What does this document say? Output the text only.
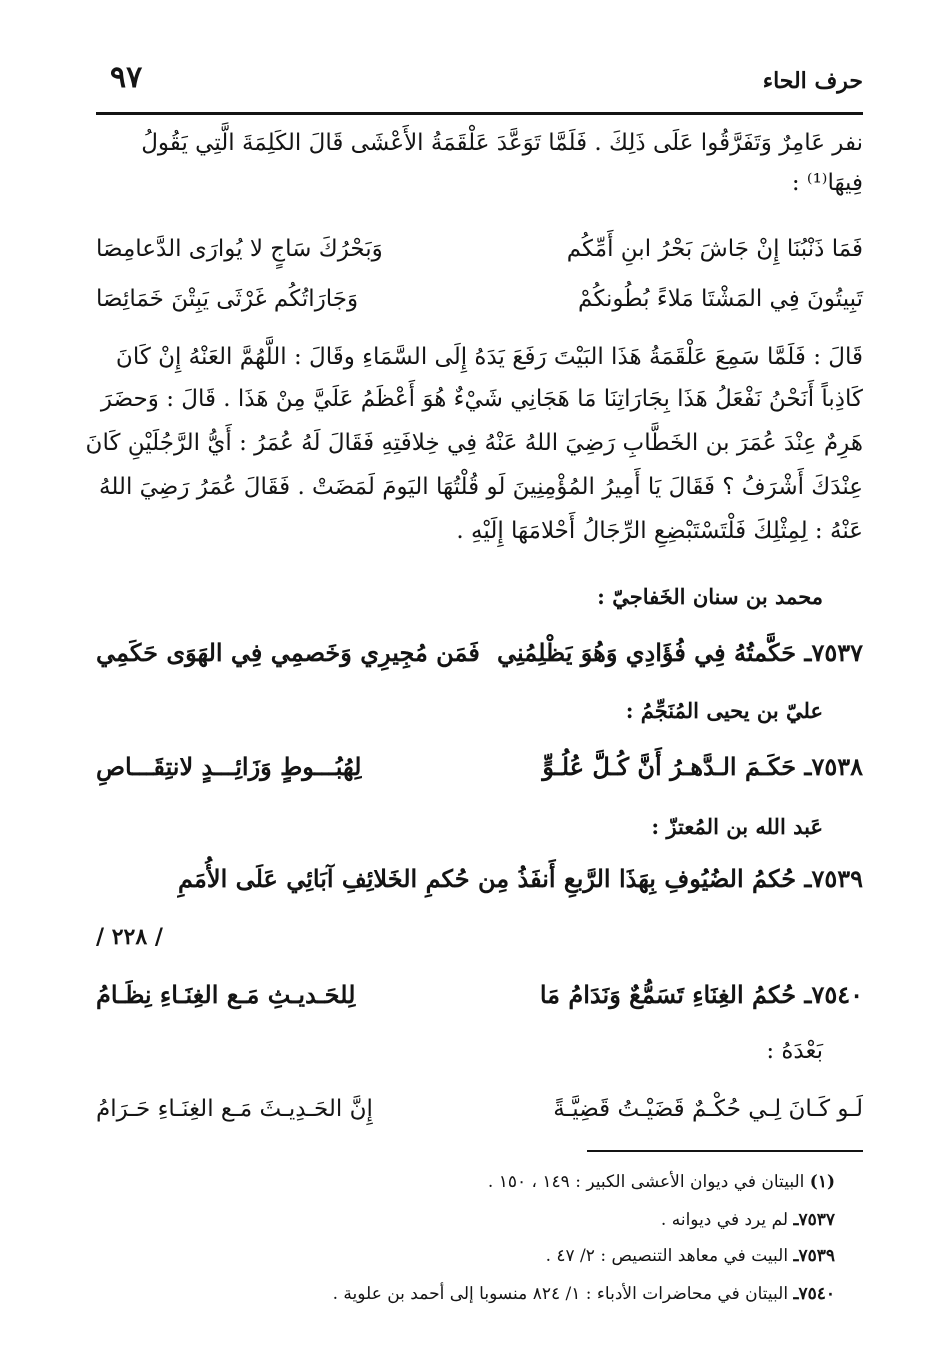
حرف الحاء
٩٧
نفر عَامِرٌ وَتَفَرَّقُوا عَلَى ذَلِكَ . فَلَمَّا تَوَعَّدَ عَلْقَمَةُ الأَعْشَى قَالَ الكَلِمَةَ الَّتِي يَقُولُ
فِيهَا⁽¹⁾ :
فَمَا ذَنْبُنَا إِنْ جَاشَ بَحْرُ ابنِ أَمِّكُم
وَبَحْرُكَ سَاجٍ لا يُوارَى الدَّعامِصَا
تَبِيتُونَ فِي المَشْتَا مَلاءً بُطُونكُمْ
وَجَارَاتُكُم غَرْثَى يَبِتْنَ خَمَائِصَا
قَالَ : فَلَمَّا سَمِعَ عَلْقَمَةُ هَذَا البَيْتَ رَفَعَ يَدَهُ إِلَى السَّمَاءِ وقَالَ : اللَّهُمَّ العَنْهُ إِنْ كَانَ
كَاذِباً أَنَحْنُ نَفْعَلُ هَذَا بِجَارَاتِنَا مَا هَجَانِي شَيْءٌ هُوَ أَعْظَمُ عَلَيَّ مِنْ هَذَا . قَالَ : وَحضَرَ
هَرِمٌ عِنْدَ عُمَرَ بن الخَطَّابِ رَضِيَ اللهُ عَنْهُ فِي خِلافَتِهِ فَقَالَ لَهُ عُمَرُ : أَيُّ الرَّجُلَيْنِ كَانَ
عِنْدَكَ أَشْرَفُ ؟ فَقَالَ يَا أَمِيرُ المُؤْمِنِينَ لَو قُلْتُهَا اليَومَ لَمَضَتْ . فَقَالَ عُمَرُ رَضِيَ اللهُ
عَنْهُ : لِمِثْلِكَ فَلْتَسْتَبْضِعِ الرِّجَالُ أَحْلامَهَا إِلَيْهِ .
محمد بن سنان الخَفاجيّ :
٧٥٣٧ـ حَكَّمتُهُ فِي فُؤَادِي وَهُوَ يَظْلِمُنِي
فَمَن مُجِيرِي وَخَصمِي فِي الهَوَى حَكَمِي
عليّ بن يحيى المُنَجِّمُ :
٧٥٣٨ـ حَكَـمَ الـدَّهـرُ أَنَّ كُـلَّ عُلُـوٍّ
لِهُبُـــوطٍ وَزَائِـــدٍ لانتِقَـــاصِ
عَبد الله بن المُعتزّ :
٧٥٣٩ـ حُكمُ الضُيُوفِ بِهَذَا الرَّبعِ أَنفَذُ مِن حُكمِ الخَلائِفِ آبَائِي عَلَى الأُمَمِ
/ ٢٢٨ /
٧٥٤٠ـ حُكمُ الغِنَاءِ تَسَمُّعٌ وَنَدَامُ مَا
لِلحَـديـثِ مَـع الغِنَـاءِ نِظَـامُ
بَعْدَهُ :
لَـو كَـانَ لِـي حُكْـمٌ قَضَيْـتُ قَضِيَّـةً
إِنَّ الحَـدِيـثَ مَـع الغِنَـاءِ حَـرَامُ
(١) البيتان في ديوان الأعشى الكبير : ١٤٩ ، ١٥٠ .
٧٥٣٧ـ لم يرد في ديوانه .
٧٥٣٩ـ البيت في معاهد التنصيص : ٢/ ٤٧ .
٧٥٤٠ـ البيتان في محاضرات الأدباء : ١/ ٨٢٤ منسوبا إلى أحمد بن علوية .
